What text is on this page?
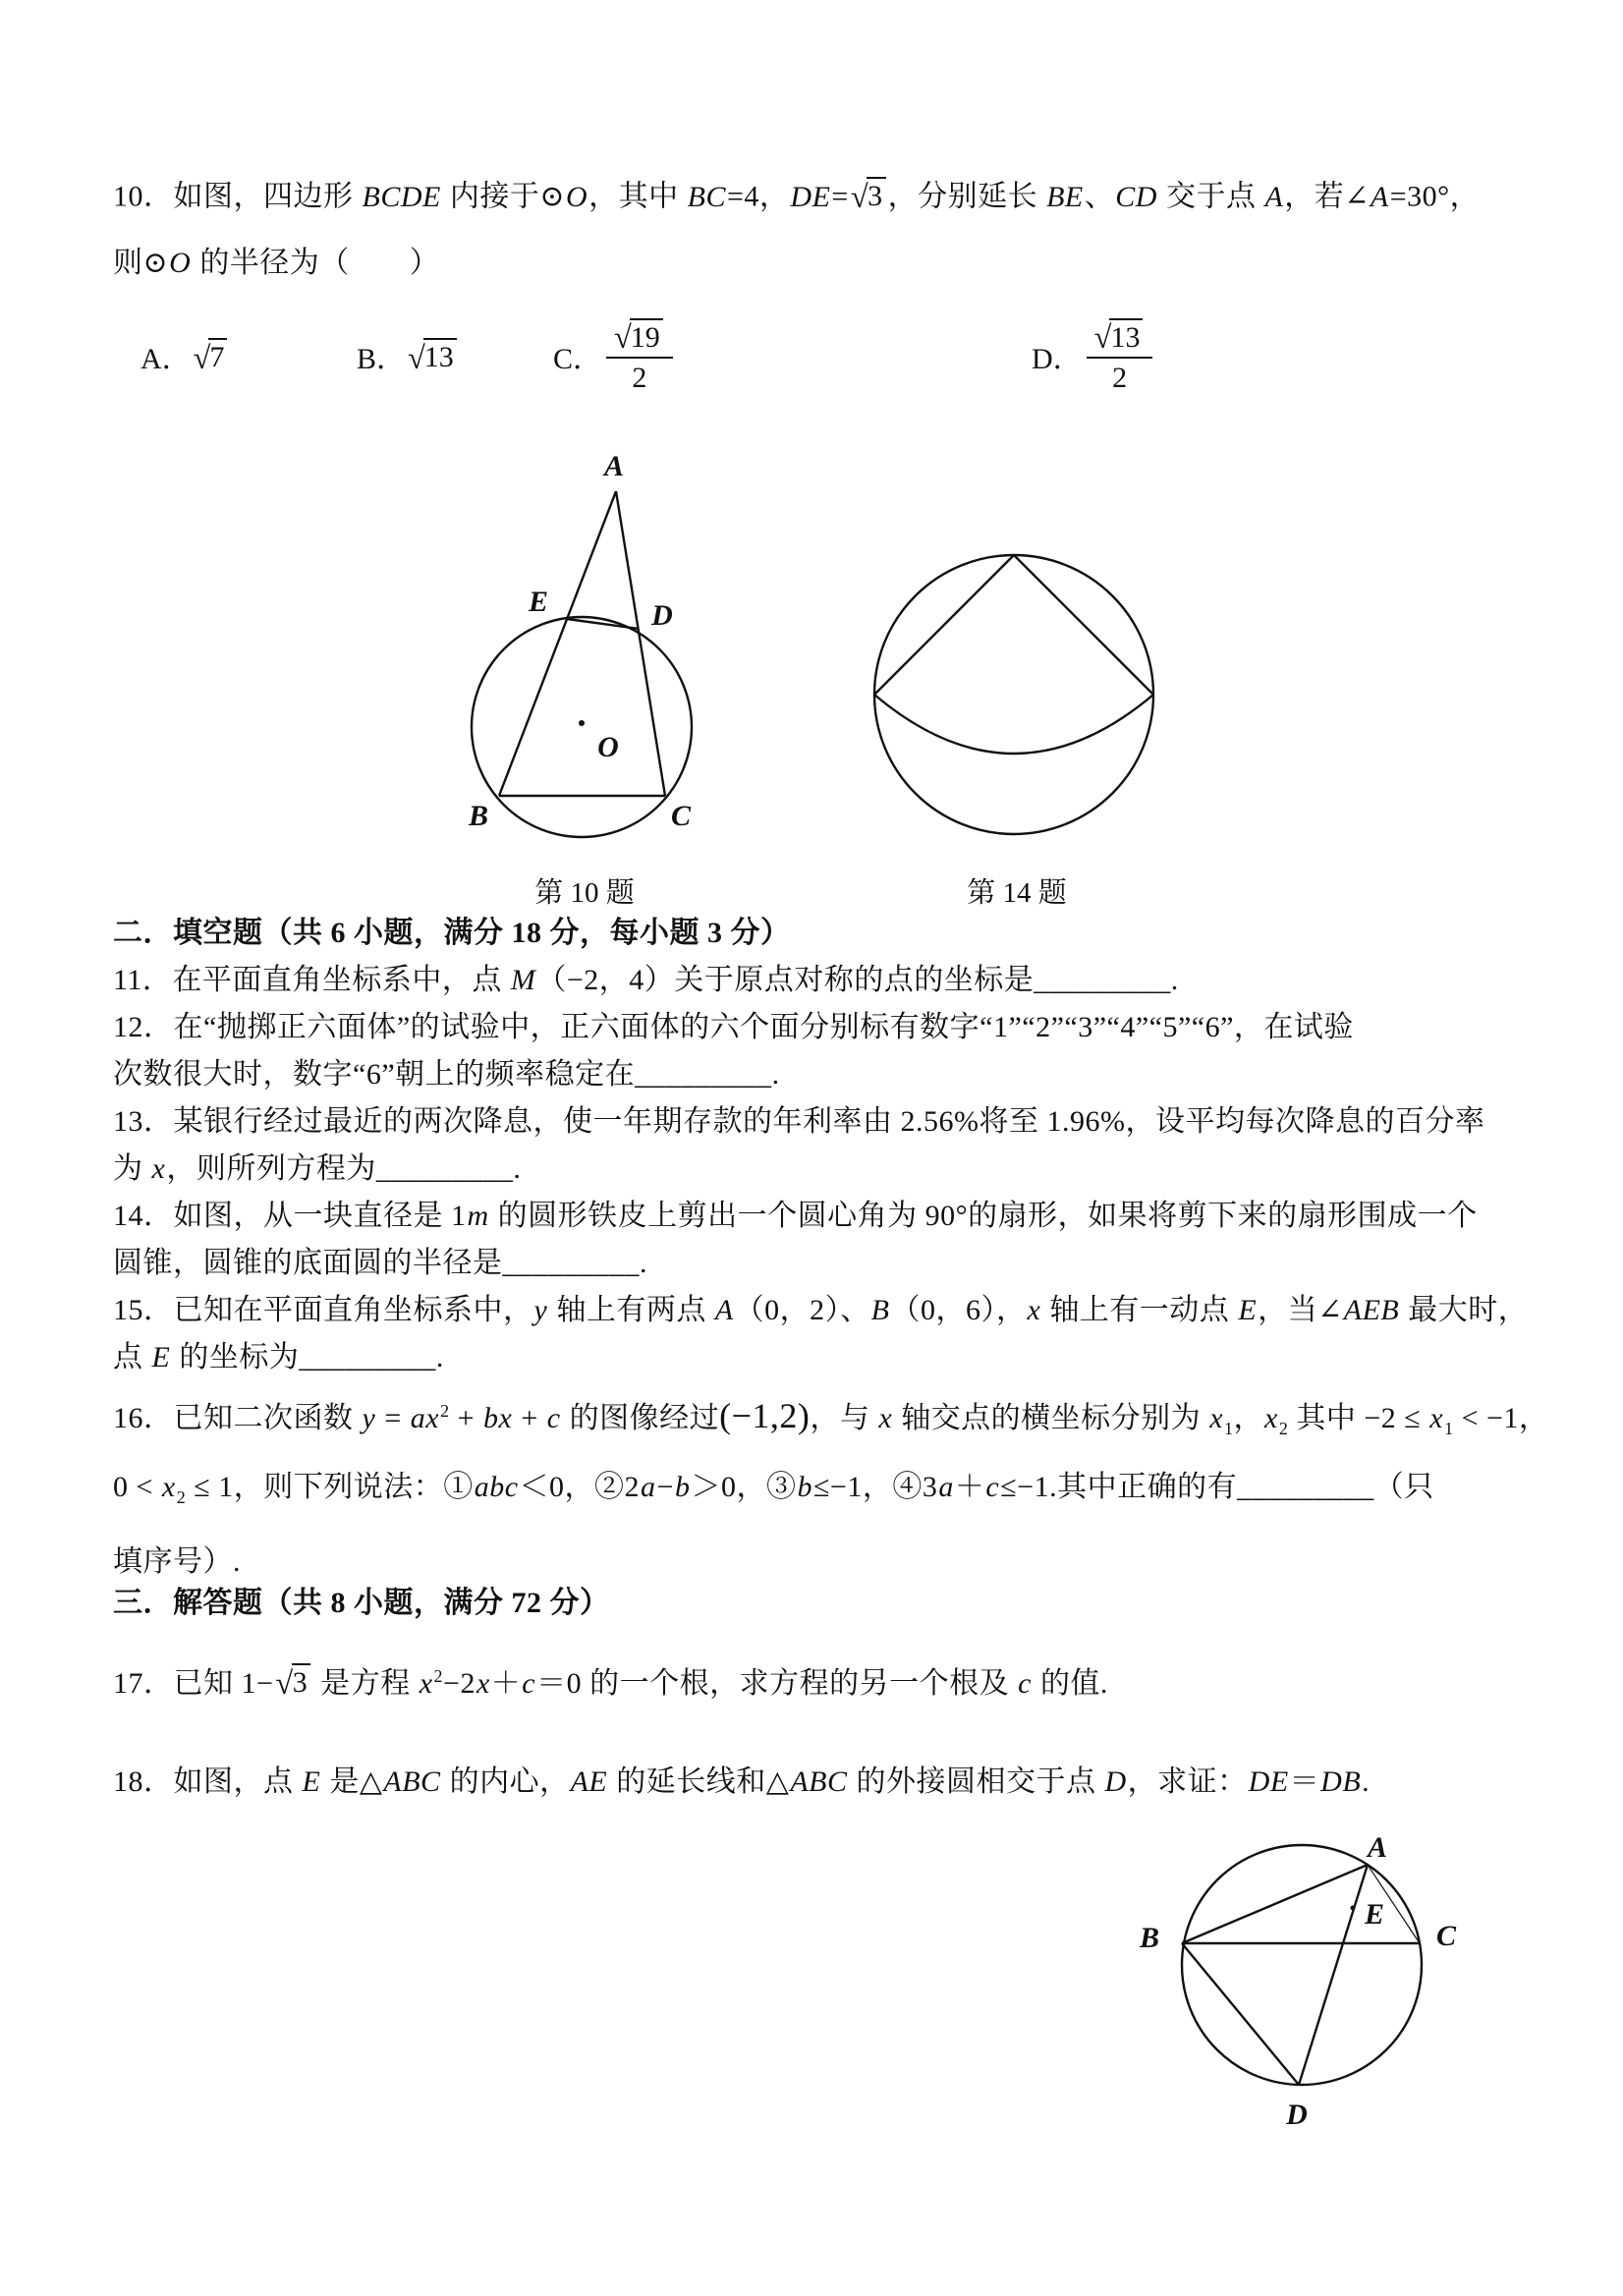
10．如图，四边形 BCDE 内接于⊙O，其中 BC=4，DE= √ 3 ，分别延长 BE、CD 交于点 A，若∠A=30°，
则⊙O 的半径为（　　）
A． √ 7	B． √ 13	C． $\frac{√ 19}{2}$	D． $\frac{√ 13}{2}$
A
E	D
B	C
O
第 10 题	第 14 题
二．填空题（共 6 小题，满分 18 分，每小题 3 分）
11．在平面直角坐标系中，点 M（−2，4）关于原点对称的点的坐标是_________.
12．在“抛掷正六面体”的试验中，正六面体的六个面分别标有数字“1”“2”“3”“4”“5”“6”，在试验
次数很大时，数字“6”朝上的频率稳定在_________.
13．某银行经过最近的两次降息，使一年期存款的年利率由 2.56%将至 1.96%，设平均每次降息的百分率
为 x，则所列方程为_________.
14．如图，从一块直径是 1m 的圆形铁皮上剪出一个圆心角为 90°的扇形，如果将剪下来的扇形围成一个
圆锥，圆锥的底面圆的半径是_________.
15．已知在平面直角坐标系中，y 轴上有两点 A（0，2）、B（0，6），x 轴上有一动点 E，当∠AEB 最大时，
点 E 的坐标为_________.
16．已知二次函数 $y = ax^2$ + bx + c 的图像经过(−1,2)，与 x 轴交点的横坐标分别为 $x_1$，$x_2$ 其中 $-2 \le x_1 < -1$，
$0 < x_2 \le 1$，则下列说法：①abc＜0，②2a−b＞0，③b≤−1，④3a＋c≤−1.其中正确的有_________（只
填序号）.
三．解答题（共 8 小题，满分 72 分）
17．已知 1− √ 3 是方程 $x^2-2x+c=0$ 的一个根，求方程的另一个根及 c 的值.
18．如图，点 E 是△ABC 的内心，AE 的延长线和△ABC 的外接圆相交于点 D，求证：DE＝DB.
A
B	C
D
E
